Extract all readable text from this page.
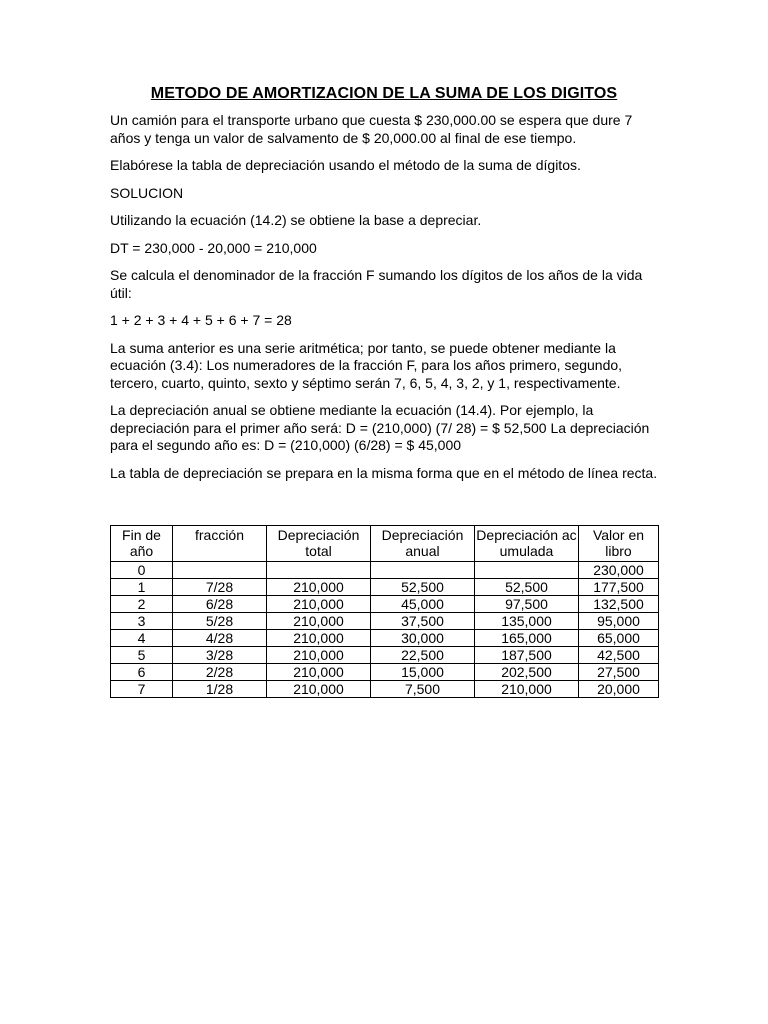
METODO DE AMORTIZACION DE LA SUMA DE LOS DIGITOS

Un camión para el transporte urbano que cuesta $ 230,000.00 se espera que dure 7 años y tenga un valor de salvamento de $ 20,000.00 al final de ese tiempo.

Elabórese la tabla de depreciación usando el método de la suma de dígitos.

SOLUCION

Utilizando la ecuación (14.2) se obtiene la base a depreciar.

DT = 230,000 - 20,000 = 210,000

Se calcula el denominador de la fracción F sumando los dígitos de los años de la vida útil:

1 + 2 + 3 + 4 + 5 + 6 + 7 = 28

La suma anterior es una serie aritmética; por tanto, se puede obtener mediante la ecuación (3.4): Los numeradores de la fracción F, para los años primero, segundo, tercero, cuarto, quinto, sexto y séptimo serán 7, 6, 5, 4, 3, 2, y 1, respectivamente.

La depreciación anual se obtiene mediante la ecuación (14.4). Por ejemplo, la depreciación para el primer año será: D = (210,000) (7/ 28) = $ 52,500 La depreciación para el segundo año es: D = (210,000) (6/28) = $ 45,000

La tabla de depreciación se prepara en la misma forma que en el método de línea recta.

Fin de año	fracción	Depreciación total	Depreciación anual	Depreciación acumulada	Valor en libro
0					230,000
1	7/28	210,000	52,500	52,500	177,500
2	6/28	210,000	45,000	97,500	132,500
3	5/28	210,000	37,500	135,000	95,000
4	4/28	210,000	30,000	165,000	65,000
5	3/28	210,000	22,500	187,500	42,500
6	2/28	210,000	15,000	202,500	27,500
7	1/28	210,000	7,500	210,000	20,000
